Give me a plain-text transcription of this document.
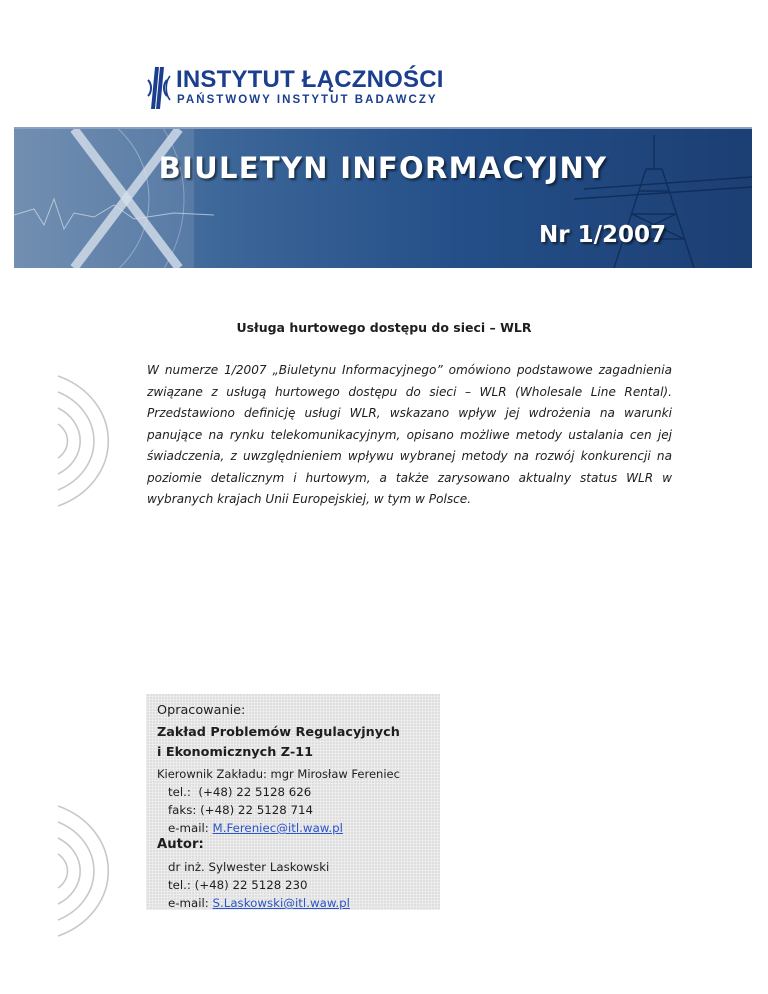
INSTYTUT ŁĄCZNOŚCI
PAŃSTWOWY INSTYTUT BADAWCZY
BIULETYN INFORMACYJNY
Nr 1/2007
Usługa hurtowego dostępu do sieci – WLR

W numerze 1/2007 „Biuletynu Informacyjnego” omówiono podstawowe zagadnienia związane z usługą hurtowego dostępu do sieci – WLR (Wholesale Line Rental). Przedstawiono definicję usługi WLR, wskazano wpływ jej wdrożenia na warunki panujące na rynku telekomunikacyjnym, opisano możliwe metody ustalania cen jej świadczenia, z uwzględnieniem wpływu wybranej metody na rozwój konkurencji na poziomie detalicznym i hurtowym, a także zarysowano aktualny status WLR w wybranych krajach Unii Europejskiej, w tym w Polsce.

Opracowanie:
Zakład Problemów Regulacyjnych
i Ekonomicznych Z-11
Kierownik Zakładu: mgr Mirosław Fereniec
tel.:  (+48) 22 5128 626
faks: (+48) 22 5128 714
e-mail: M.Fereniec@itl.waw.pl
Autor:
dr inż. Sylwester Laskowski
tel.: (+48) 22 5128 230
e-mail: S.Laskowski@itl.waw.pl
